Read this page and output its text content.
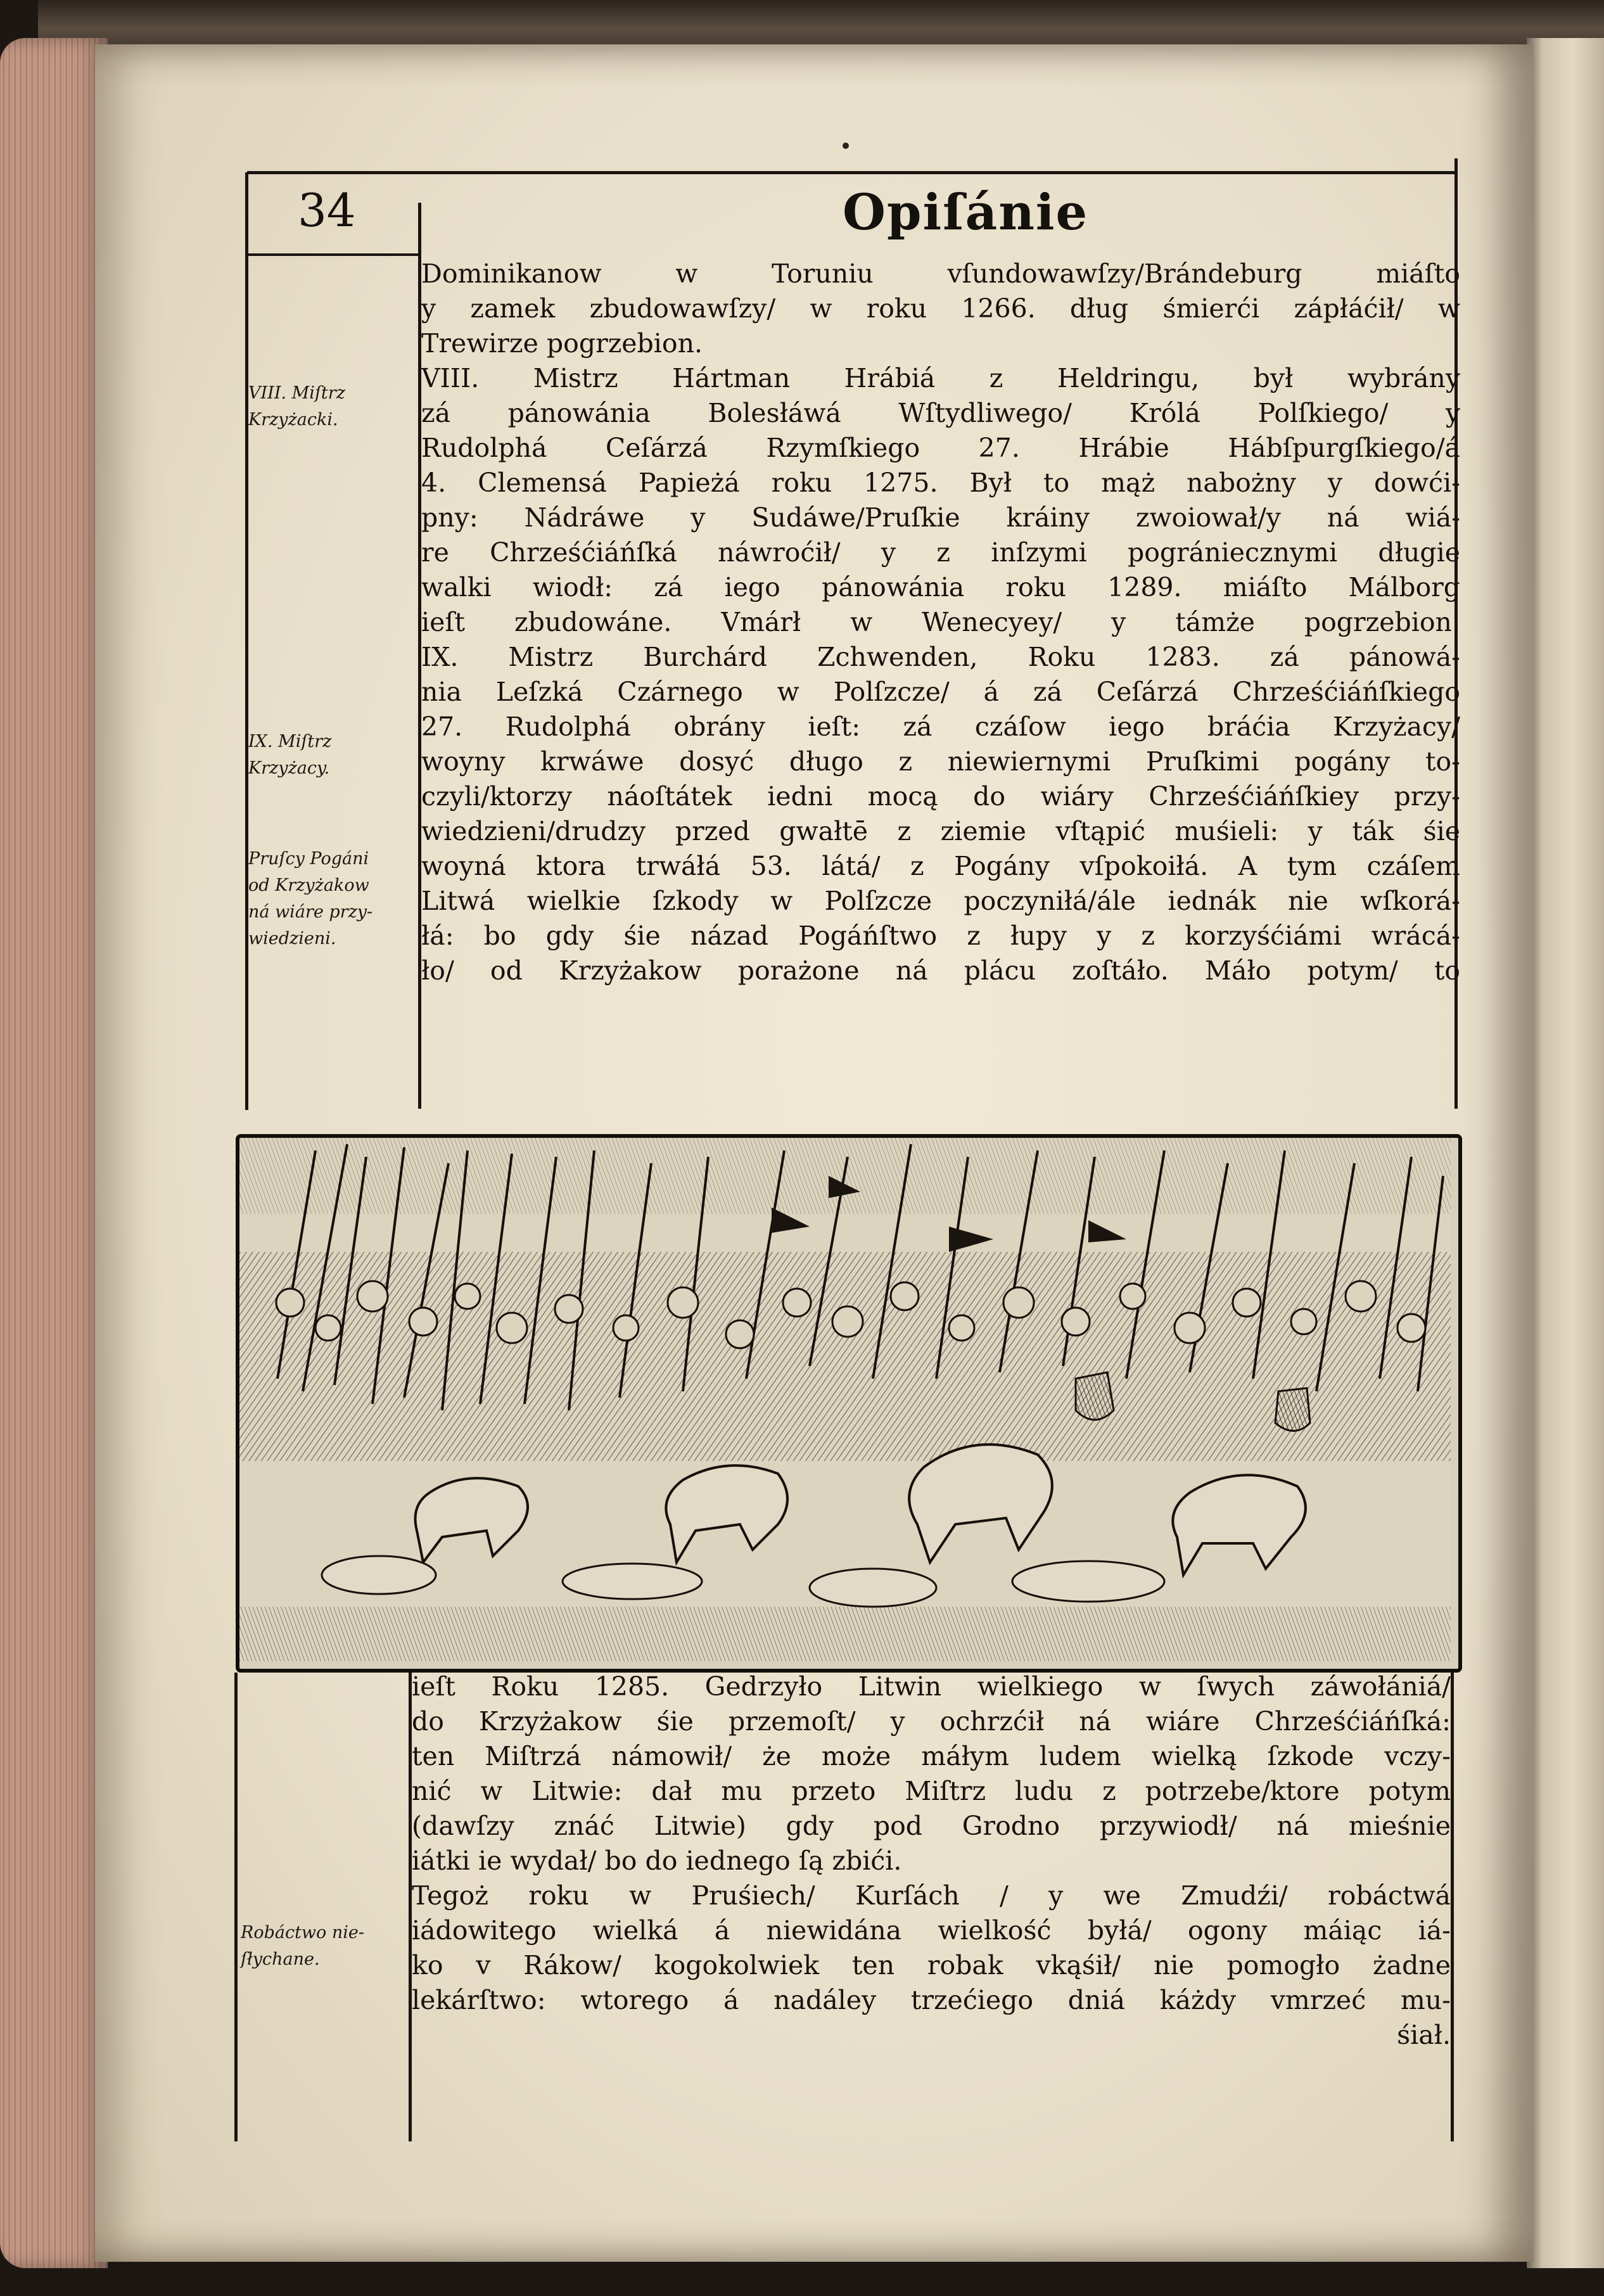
34	Opiſánie
VIII. Miſtrz
Krzyżacki.
IX. Miſtrz
Krzyżacy.
Pruſcy Pogáni
od Krzyżakow
ná wiáre przy-
wiedzieni.
Robáctwo nie-
ſłychane.
Dominikanow w Toruniu vſundowawſzy/Brándeburg miáſto
y zamek zbudowawſzy/ w roku 1266. dług śmierći zápłáćił/ w
Trewirze pogrzebion.
VIII. Mistrz Hártman Hrábiá z Heldringu, był wybrány
zá pánowánia Bolesłáwá Wſtydliwego/ Królá Polſkiego/ y
Rudolphá Ceſárzá Rzymſkiego 27. Hrábie Hábſpurgſkiego/á
4. Clemensá Papieżá roku 1275. Był to mąż nabożny y dowći-
pny: Nádráwe y Sudáwe/Pruſkie kráiny zwoiował/y ná wiá-
re Chrześćiáńſká náwroćił/ y z inſzymi pográniecznymi długie
walki wiodł: zá iego pánowánia roku 1289. miáſto Málborg
ieſt zbudowáne. Vmárł w Wenecyey/ y támże pogrzebion.
IX. Mistrz Burchárd Zchwenden, Roku 1283. zá pánowá-
nia Leſzká Czárnego w Polſzcze/ á zá Ceſárzá Chrześćiáńſkiego
27. Rudolphá obrány ieſt: zá czáſow iego bráćia Krzyżacy/
woyny krwáwe dosyć długo z niewiernymi Pruſkimi pogány to-
czyli/ktorzy náoſtátek iedni mocą do wiáry Chrześćiáńſkiey przy-
wiedzieni/drudzy przed gwałtē z ziemie vſtąpić muśieli: y ták śie
woyná ktora trwáłá 53. látá/ z Pogány vſpokoiłá. A tym czáſem
Litwá wielkie ſzkody w Polſzcze poczyniłá/ále iednák nie wſkorá-
łá: bo gdy śie názad Pogáńſtwo z łupy y z korzyśćiámi wrácá-
ło/ od Krzyżakow porażone ná plácu zoſtáło. Máło potym/ to
ieſt Roku 1285. Gedrzyło Litwin wielkiego w ſwych záwołániá/
do Krzyżakow śie przemoſt/ y ochrzćił ná wiáre Chrześćiáńſká:
ten Miſtrzá námowił/ że może máłym ludem wielką ſzkode vczy-
nić w Litwie: dał mu przeto Miſtrz ludu z potrzebe/ktore potym
(dawſzy znáć Litwie) gdy pod Grodno przywiodł/ ná mieśnie
iátki ie wydał/ bo do iednego ſą zbići.
Tegoż roku w Pruśiech/ Kurſách / y we Zmudźi/ robáctwá
iádowitego wielká á niewidána wielkość byłá/ ogony máiąc iá-
ko v Rákow/ kogokolwiek ten robak vkąśił/ nie pomogło żadne
lekárſtwo: wtorego á nadáley trzećiego dniá káżdy vmrzeć mu-
śiał.
